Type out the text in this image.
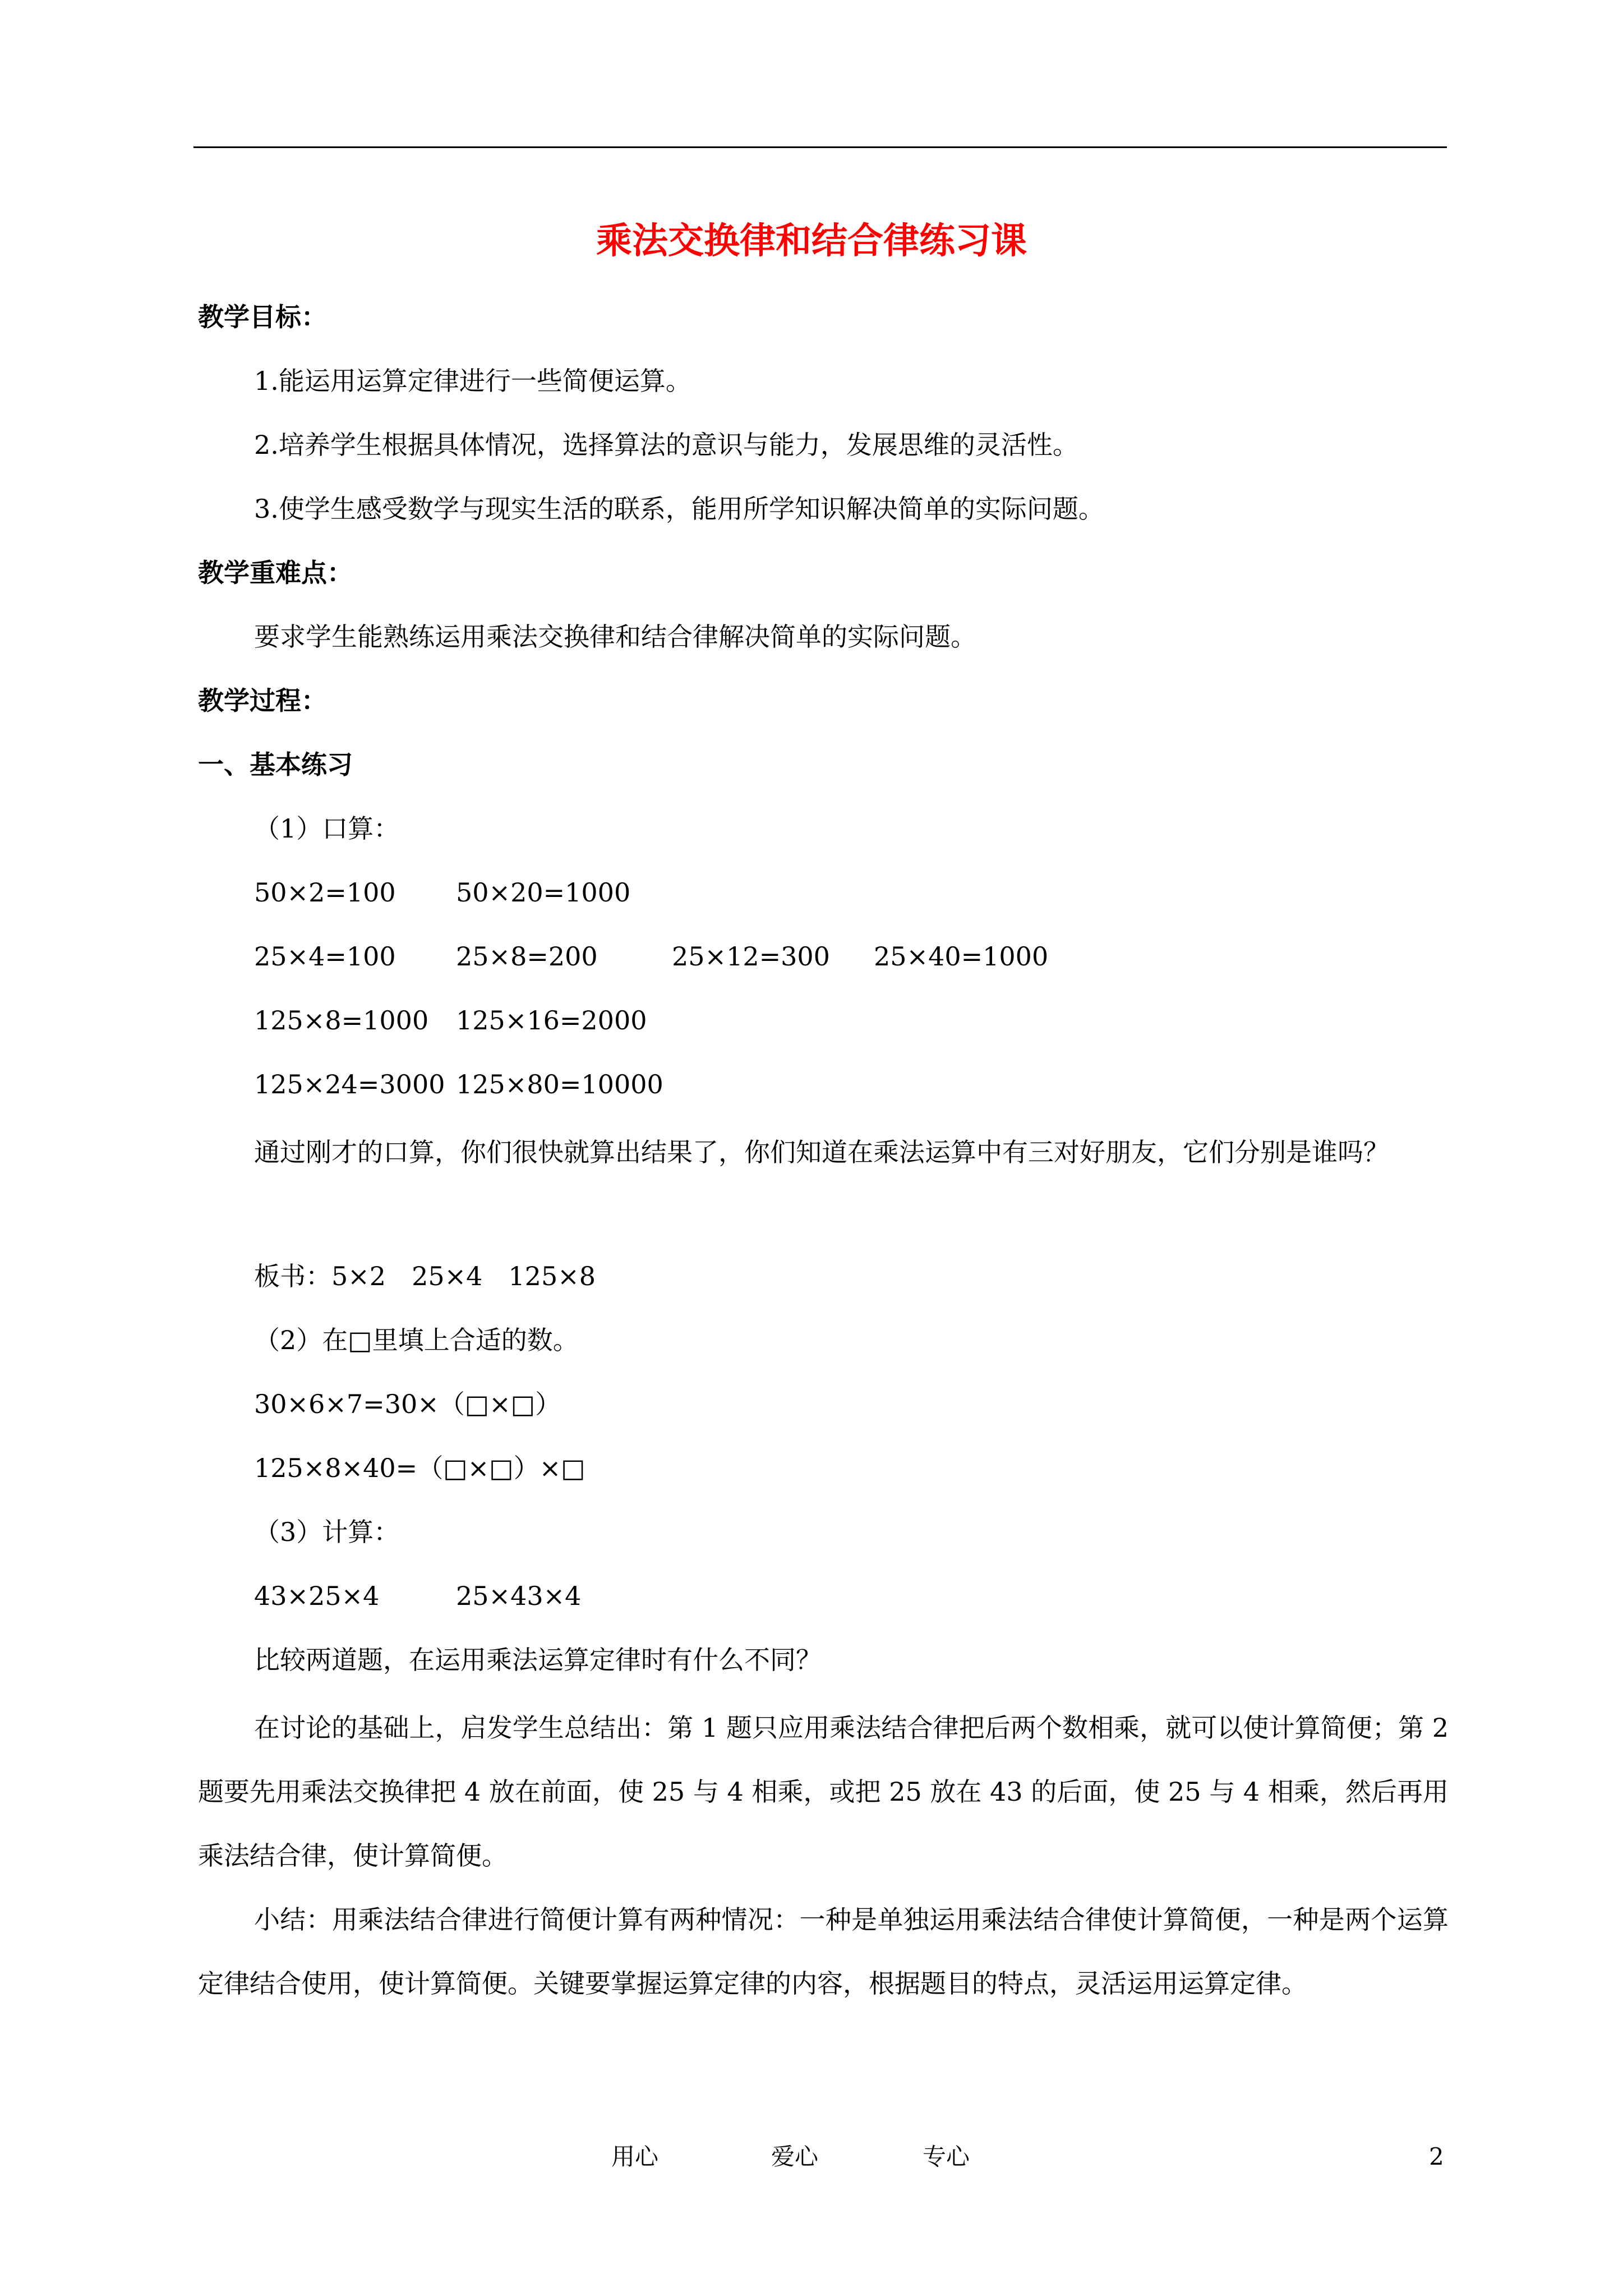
乘法交换律和结合律练习课
教学目标：
1.能运用运算定律进行一些简便运算。
2.培养学生根据具体情况，选择算法的意识与能力，发展思维的灵活性。
3.使学生感受数学与现实生活的联系，能用所学知识解决简单的实际问题。
教学重难点：
要求学生能熟练运用乘法交换律和结合律解决简单的实际问题。
教学过程：
一、基本练习
（1）口算：
50×2=100 50×20=1000
25×4=100 25×8=200	25×12=300 25×40=1000
125×8=1000 125×16=2000
125×24=3000 125×80=10000
通过刚才的口算，你们很快就算出结果了，你们知道在乘法运算中有三对好朋友，它们分别是谁吗？
板书：5×2　25×4　125×8
（2）在□里填上合适的数。
30×6×7=30×（□×□）
125×8×40=（□×□）×□
（3）计算：
43×25×4	25×43×4
比较两道题，在运用乘法运算定律时有什么不同？
在讨论的基础上，启发学生总结出：第 1 题只应用乘法结合律把后两个数相乘，就可以使计算简便；第 2 题要先用乘法交换律把 4 放在前面，使 25 与 4 相乘，或把 25 放在 43 的后面，使 25 与 4 相乘，然后再用乘法结合律，使计算简便。
小结：用乘法结合律进行简便计算有两种情况：一种是单独运用乘法结合律使计算简便，一种是两个运算定律结合使用，使计算简便。关键要掌握运算定律的内容，根据题目的特点，灵活运用运算定律。
用心	爱心	专心	2
